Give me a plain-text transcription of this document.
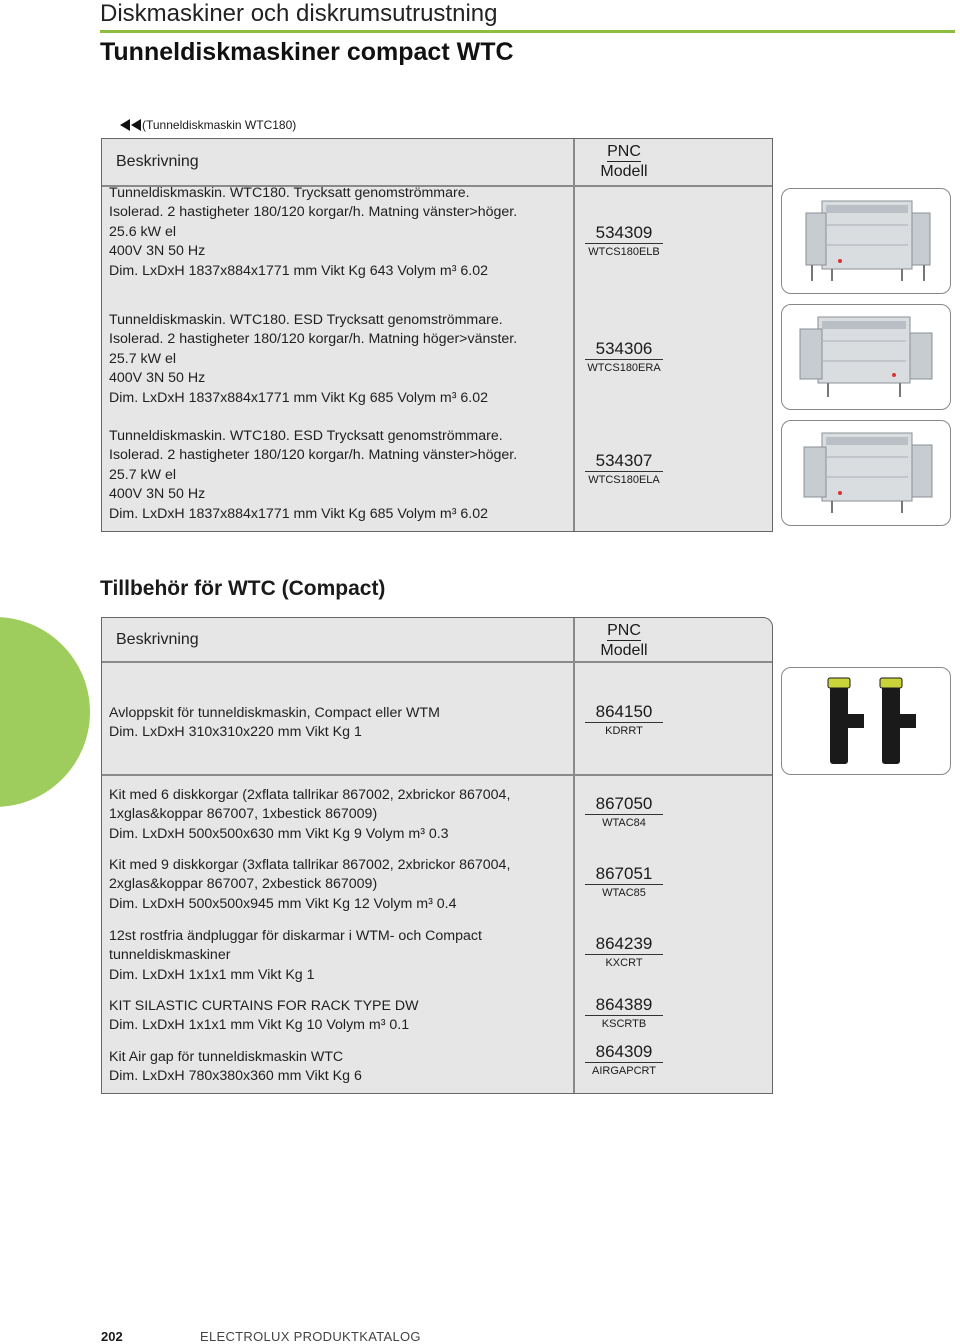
Diskmaskiner och diskrumsutrustning
Tunneldiskmaskiner compact WTC
(Tunneldiskmaskin WTC180)
Beskrivning
PNC
Modell
Tunneldiskmaskin. WTC180. Trycksatt genomströmmare.
Isolerad. 2 hastigheter 180/120 korgar/h. Matning vänster>höger.
25.6 kW el
400V 3N 50 Hz
Dim. LxDxH 1837x884x1771 mm Vikt Kg 643 Volym m³ 6.02
534309
WTCS180ELB
Tunneldiskmaskin. WTC180. ESD Trycksatt genomströmmare.
Isolerad. 2 hastigheter 180/120 korgar/h. Matning höger>vänster.
25.7 kW el
400V 3N 50 Hz
Dim. LxDxH 1837x884x1771 mm Vikt Kg 685 Volym m³ 6.02
534306
WTCS180ERA
Tunneldiskmaskin. WTC180. ESD Trycksatt genomströmmare.
Isolerad. 2 hastigheter 180/120 korgar/h. Matning vänster>höger.
25.7 kW el
400V 3N 50 Hz
Dim. LxDxH 1837x884x1771 mm Vikt Kg 685 Volym m³ 6.02
534307
WTCS180ELA
Tillbehör för WTC (Compact)
Beskrivning
PNC
Modell
Avloppskit för tunneldiskmaskin, Compact eller WTM
Dim. LxDxH 310x310x220 mm Vikt Kg 1
864150
KDRRT
Kit med 6 diskkorgar (2xflata tallrikar 867002, 2xbrickor 867004,
1xglas&koppar 867007, 1xbestick 867009)
Dim. LxDxH 500x500x630 mm Vikt Kg 9 Volym m³ 0.3
867050
WTAC84
Kit med 9 diskkorgar (3xflata tallrikar 867002, 2xbrickor 867004,
2xglas&koppar 867007, 2xbestick 867009)
Dim. LxDxH 500x500x945 mm Vikt Kg 12 Volym m³ 0.4
867051
WTAC85
12st rostfria ändpluggar för diskarmar i WTM- och Compact
tunneldiskmaskiner
Dim. LxDxH 1x1x1 mm Vikt Kg 1
864239
KXCRT
KIT SILASTIC CURTAINS FOR RACK TYPE DW
Dim. LxDxH 1x1x1 mm Vikt Kg 10 Volym m³ 0.1
864389
KSCRTB
Kit Air gap för tunneldiskmaskin WTC
Dim. LxDxH 780x380x360 mm Vikt Kg 6
864309
AIRGAPCRT
202	ELECTROLUX PRODUKTKATALOG
